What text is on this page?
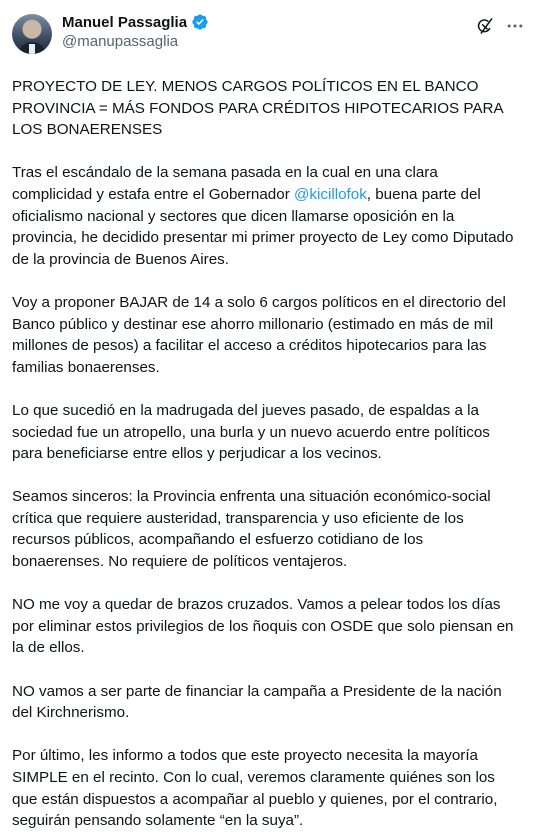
Manuel Passaglia
@manupassaglia

PROYECTO DE LEY. MENOS CARGOS POLÍTICOS EN EL BANCO PROVINCIA = MÁS FONDOS PARA CRÉDITOS HIPOTECARIOS PARA LOS BONAERENSES

Tras el escándalo de la semana pasada en la cual en una clara complicidad y estafa entre el Gobernador @kicillofok, buena parte del oficialismo nacional y sectores que dicen llamarse oposición en la provincia, he decidido presentar mi primer proyecto de Ley como Diputado de la provincia de Buenos Aires.

Voy a proponer BAJAR de 14 a solo 6 cargos políticos en el directorio del Banco público y destinar ese ahorro millonario (estimado en más de mil millones de pesos) a facilitar el acceso a créditos hipotecarios para las familias bonaerenses.

Lo que sucedió en la madrugada del jueves pasado, de espaldas a la sociedad fue un atropello, una burla y un nuevo acuerdo entre políticos para beneficiarse entre ellos y perjudicar a los vecinos.

Seamos sinceros: la Provincia enfrenta una situación económico-social crítica que requiere austeridad, transparencia y uso eficiente de los recursos públicos, acompañando el esfuerzo cotidiano de los bonaerenses. No requiere de políticos ventajeros.

NO me voy a quedar de brazos cruzados. Vamos a pelear todos los días por eliminar estos privilegios de los ñoquis con OSDE que solo piensan en la de ellos.

NO vamos a ser parte de financiar la campaña a Presidente de la nación del Kirchnerismo.

Por último, les informo a todos que este proyecto necesita la mayoría SIMPLE en el recinto. Con lo cual, veremos claramente quiénes son los que están dispuestos a acompañar al pueblo y quienes, por el contrario, seguirán pensando solamente “en la suya”.
